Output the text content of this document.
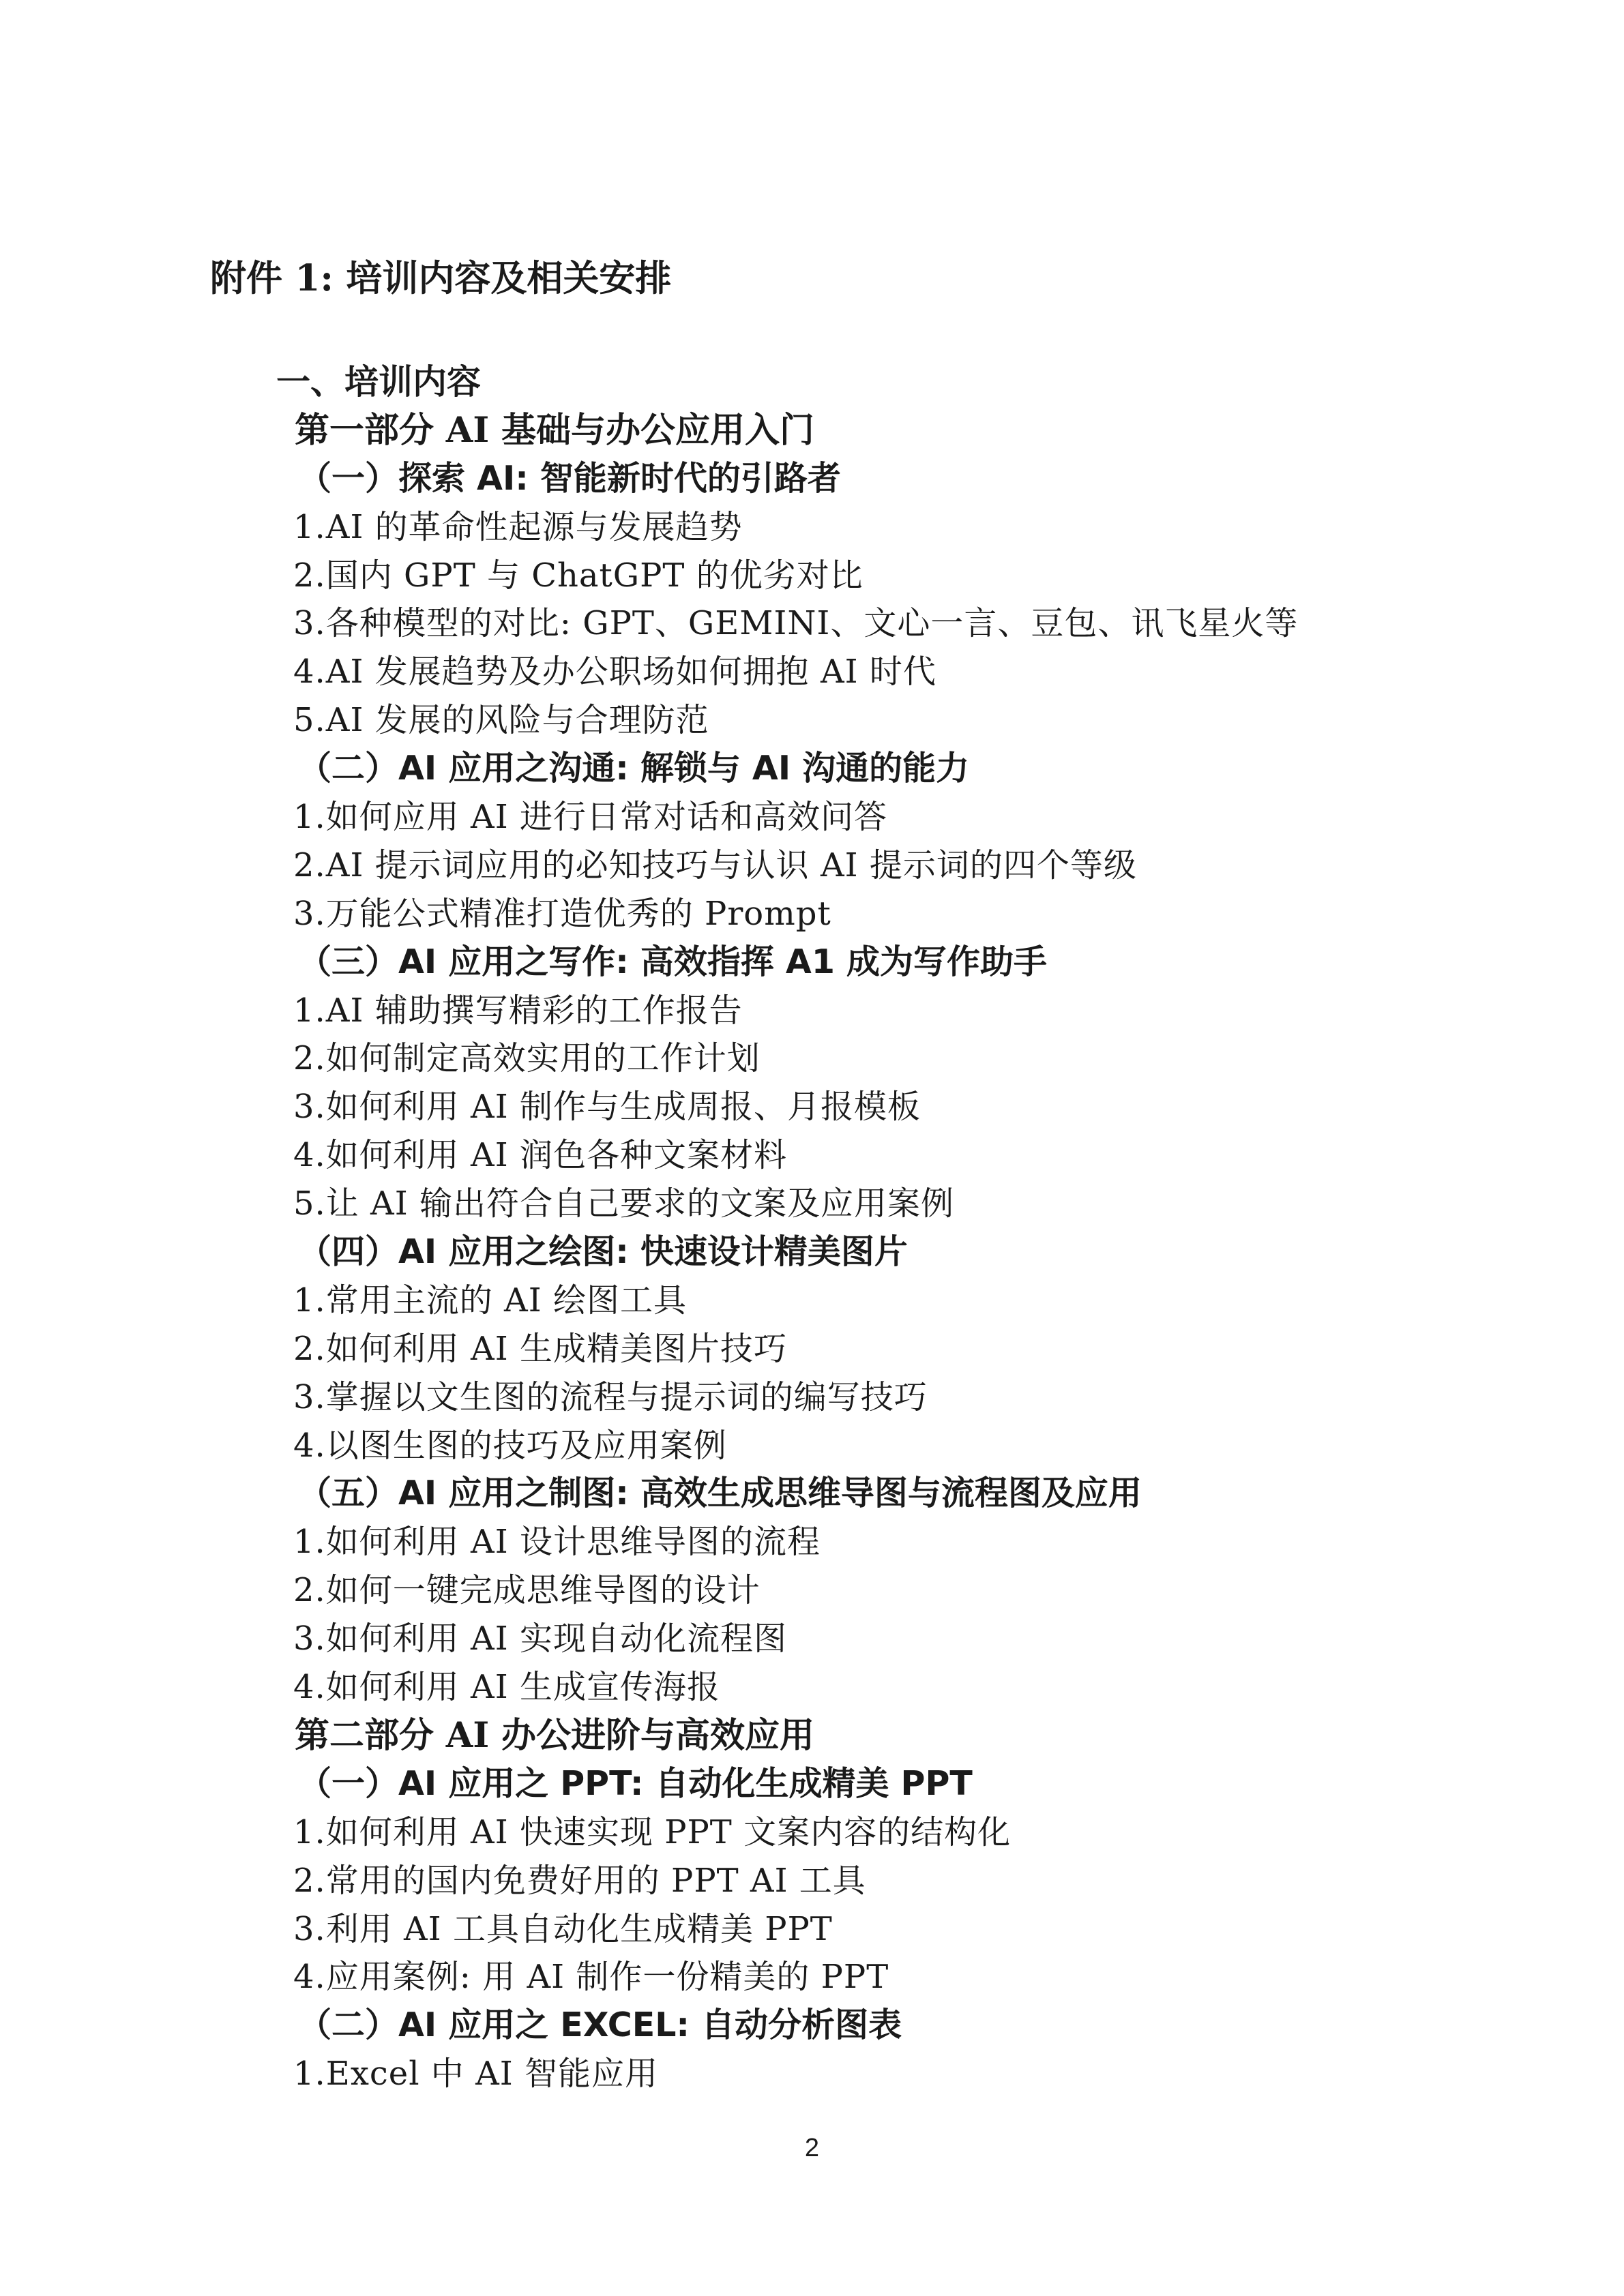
附件 1: 培训内容及相关安排
一、培训内容
第一部分 AI 基础与办公应用入门
（一）探索 AI: 智能新时代的引路者
1.AI 的革命性起源与发展趋势
2.国内 GPT 与 ChatGPT 的优劣对比
3.各种模型的对比: GPT、GEMINI、文心一言、豆包、讯飞星火等
4.AI 发展趋势及办公职场如何拥抱 AI 时代
5.AI 发展的风险与合理防范
（二）AI 应用之沟通: 解锁与 AI 沟通的能力
1.如何应用 AI 进行日常对话和高效问答
2.AI 提示词应用的必知技巧与认识 AI 提示词的四个等级
3.万能公式精准打造优秀的 Prompt
（三）AI 应用之写作: 高效指挥 A1 成为写作助手
1.AI 辅助撰写精彩的工作报告
2.如何制定高效实用的工作计划
3.如何利用 AI 制作与生成周报、月报模板
4.如何利用 AI 润色各种文案材料
5.让 AI 输出符合自己要求的文案及应用案例
（四）AI 应用之绘图: 快速设计精美图片
1.常用主流的 AI 绘图工具
2.如何利用 AI 生成精美图片技巧
3.掌握以文生图的流程与提示词的编写技巧
4.以图生图的技巧及应用案例
（五）AI 应用之制图: 高效生成思维导图与流程图及应用
1.如何利用 AI 设计思维导图的流程
2.如何一键完成思维导图的设计
3.如何利用 AI 实现自动化流程图
4.如何利用 AI 生成宣传海报
第二部分 AI 办公进阶与高效应用
（一）AI 应用之 PPT: 自动化生成精美 PPT
1.如何利用 AI 快速实现 PPT 文案内容的结构化
2.常用的国内免费好用的 PPT AI 工具
3.利用 AI 工具自动化生成精美 PPT
4.应用案例: 用 AI 制作一份精美的 PPT
（二）AI 应用之 EXCEL: 自动分析图表
1.Excel 中 AI 智能应用
2
